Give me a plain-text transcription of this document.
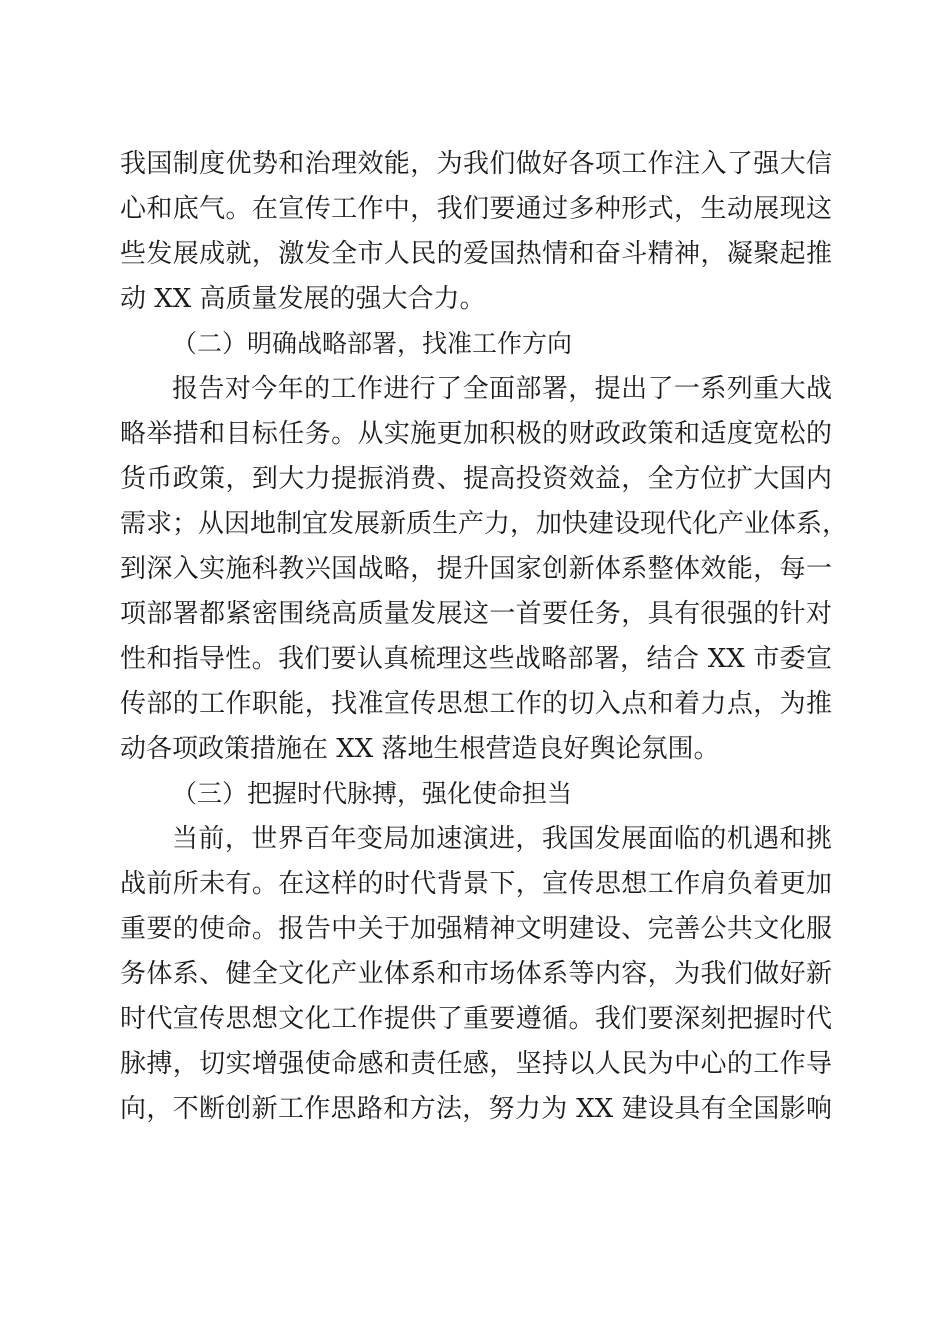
我国制度优势和治理效能，为我们做好各项工作注入了强大信
心和底气。在宣传工作中，我们要通过多种形式，生动展现这
些发展成就，激发全市人民的爱国热情和奋斗精神，凝聚起推
动 XX 高质量发展的强大合力。
（二）明确战略部署，找准工作方向
报告对今年的工作进行了全面部署，提出了一系列重大战
略举措和目标任务。从实施更加积极的财政政策和适度宽松的
货币政策，到大力提振消费、提高投资效益，全方位扩大国内
需求；从因地制宜发展新质生产力，加快建设现代化产业体系，
到深入实施科教兴国战略，提升国家创新体系整体效能，每一
项部署都紧密围绕高质量发展这一首要任务，具有很强的针对
性和指导性。我们要认真梳理这些战略部署，结合 XX 市委宣
传部的工作职能，找准宣传思想工作的切入点和着力点，为推
动各项政策措施在 XX 落地生根营造良好舆论氛围。
（三）把握时代脉搏，强化使命担当
当前，世界百年变局加速演进，我国发展面临的机遇和挑
战前所未有。在这样的时代背景下，宣传思想工作肩负着更加
重要的使命。报告中关于加强精神文明建设、完善公共文化服
务体系、健全文化产业体系和市场体系等内容，为我们做好新
时代宣传思想文化工作提供了重要遵循。我们要深刻把握时代
脉搏，切实增强使命感和责任感，坚持以人民为中心的工作导
向，不断创新工作思路和方法，努力为 XX 建设具有全国影响
